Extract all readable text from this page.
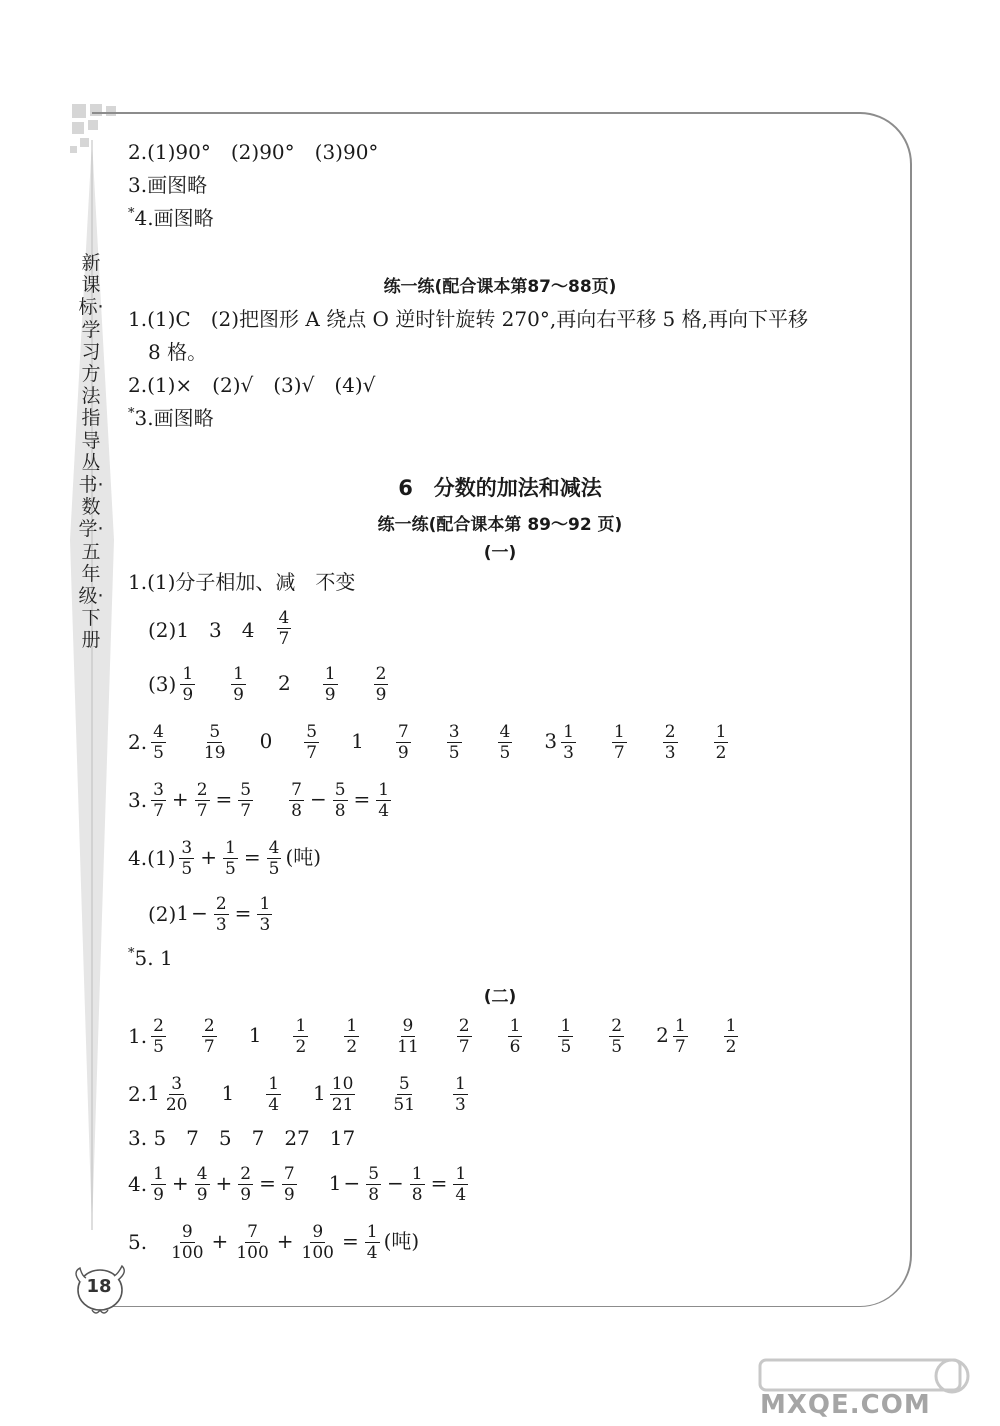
新课标·学习方法指导丛书·数学·五年级·下册
18
2.(1)90°　(2)90°　(3)90°
3.画图略
*4.画图略
练一练(配合课本第87～88页)
1.(1)C　(2)把图形 A 绕点 O 逆时针旋转 270°,再向右平移 5 格,再向下平移
8 格。
2.(1)×　(2)√　(3)√　(4)√
*3.画图略
6　分数的加法和减法
练一练(配合课本第 89～92 页)
(一)
1.(1)分子相加、减　不变
(2)1　3　$4 \frac{4}{7}$
$(3) \frac{1}{9} \frac{1}{9} 2 \frac{1}{9} \frac{2}{9}$
2. $\frac{4}{5} \frac{5}{19} 0 \frac{5}{7} 1 \frac{7}{9} \frac{3}{5} \frac{4}{5} 3 \frac{1}{3} \frac{1}{7} \frac{2}{3} \frac{1}{2}$
3. $\frac{3}{7} + \frac{2}{7} = \frac{5}{7} \frac{7}{8} - \frac{5}{8} = \frac{1}{4}$
$4.(1) \frac{3}{5} + \frac{1}{5} = \frac{4}{5}$ (吨)
(2) $1 - \frac{2}{3} = \frac{1}{3}$
*5. 1
(二)
1. $\frac{2}{5} \frac{2}{7} 1 \frac{1}{2} \frac{1}{2} \frac{9}{11} \frac{2}{7} \frac{1}{6} \frac{1}{5} \frac{2}{5} 2 \frac{1}{7} \frac{1}{2}$
2. $1 \frac{3}{20} 1 \frac{1}{4} 1 \frac{10}{21} \frac{5}{51} \frac{1}{3}$
3. 5　7　5　7　27　17
4. $\frac{1}{9} + \frac{4}{9} + \frac{2}{9} = \frac{7}{9} 1 - \frac{5}{8} - \frac{1}{8} = \frac{1}{4}$
5. $\frac{9}{100} + \frac{7}{100} + \frac{9}{100} = \frac{1}{4}$ (吨)
MXQE.COM
